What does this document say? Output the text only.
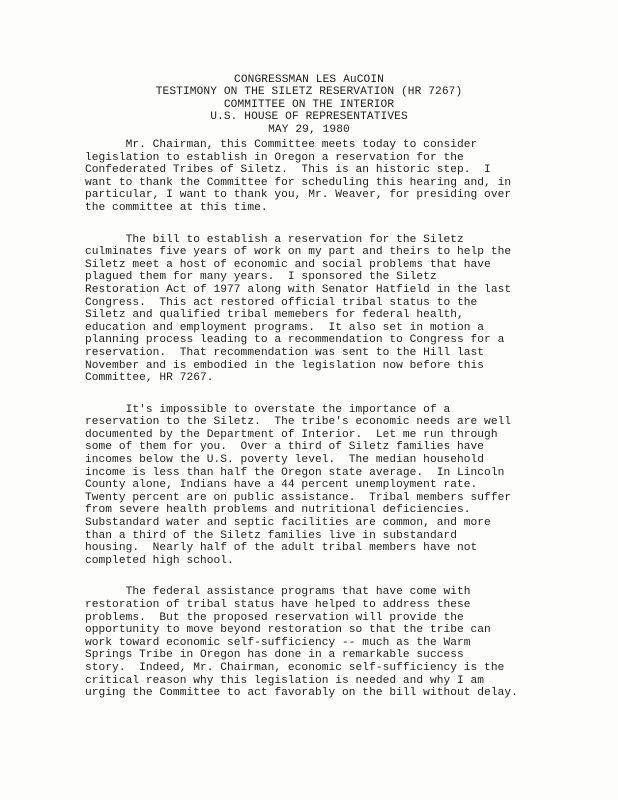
CONGRESSMAN LES AuCOIN
TESTIMONY ON THE SILETZ RESERVATION (HR 7267)
COMMITTEE ON THE INTERIOR
U.S. HOUSE OF REPRESENTATIVES
MAY 29, 1980
Mr. Chairman, this Committee meets today to consider
legislation to establish in Oregon a reservation for the
Confederated Tribes of Siletz.  This is an historic step.  I
want to thank the Committee for scheduling this hearing and, in
particular, I want to thank you, Mr. Weaver, for presiding over
the committee at this time.
The bill to establish a reservation for the Siletz
culminates five years of work on my part and theirs to help the
Siletz meet a host of economic and social problems that have
plagued them for many years.  I sponsored the Siletz
Restoration Act of 1977 along with Senator Hatfield in the last
Congress.  This act restored official tribal status to the
Siletz and qualified tribal memebers for federal health,
education and employment programs.  It also set in motion a
planning process leading to a recommendation to Congress for a
reservation.  That recommendation was sent to the Hill last
November and is embodied in the legislation now before this
Committee, HR 7267.
It's impossible to overstate the importance of a
reservation to the Siletz.  The tribe's economic needs are well
documented by the Department of Interior.  Let me run through
some of them for you.  Over a third of Siletz families have
incomes below the U.S. poverty level.  The median household
income is less than half the Oregon state average.  In Lincoln
County alone, Indians have a 44 percent unemployment rate.
Twenty percent are on public assistance.  Tribal members suffer
from severe health problems and nutritional deficiencies.
Substandard water and septic facilities are common, and more
than a third of the Siletz families live in substandard
housing.  Nearly half of the adult tribal members have not
completed high school.
The federal assistance programs that have come with
restoration of tribal status have helped to address these
problems.  But the proposed reservation will provide the
opportunity to move beyond restoration so that the tribe can
work toward economic self-sufficiency -- much as the Warm
Springs Tribe in Oregon has done in a remarkable success
story.  Indeed, Mr. Chairman, economic self-sufficiency is the
critical reason why this legislation is needed and why I am
urging the Committee to act favorably on the bill without delay.
